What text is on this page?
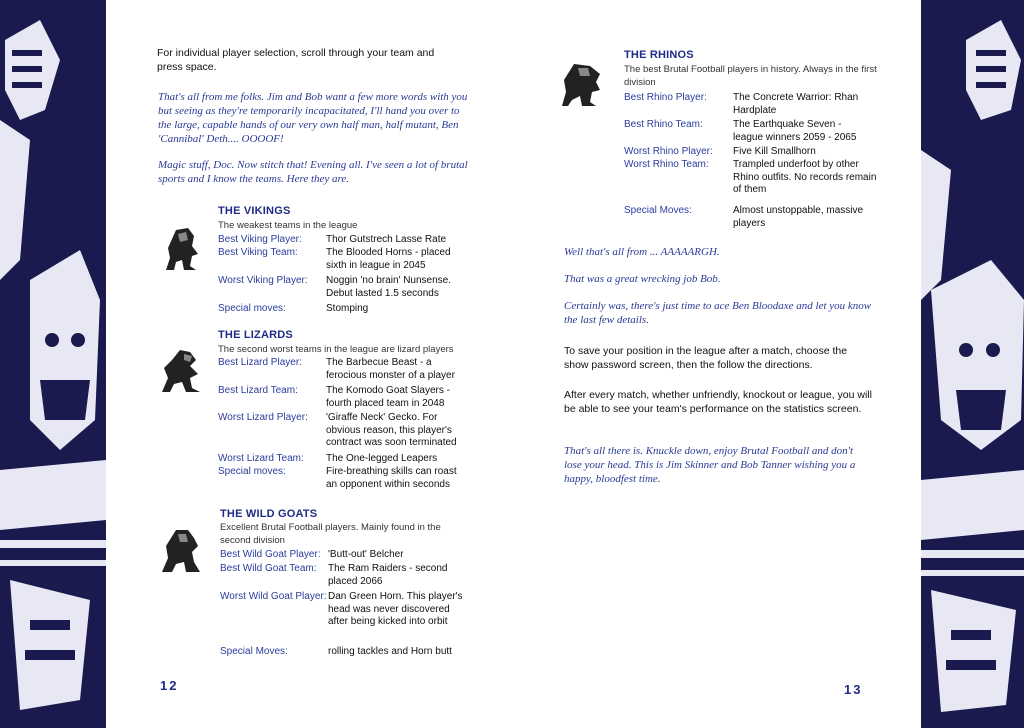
For individual player selection, scroll through your team and press space.
That's all from me folks. Jim and Bob want a few more words with you but seeing as they're temporarily incapacitated, I'll hand you over to the large, capable hands of our very own half man, half mutant, Ben 'Cannibal' Deth.... OOOOF!
Magic stuff, Doc. Now stitch that! Evening all. I've seen a lot of brutal sports and I know the teams. Here they are.
THE VIKINGS
The weakest teams in the league
Best Viking Player: Thor Gutstrech Lasse Rate
Best Viking Team:	The Blooded Horns - placed sixth in league in 2045
Worst Viking Player: Noggin 'no brain' Nunsense. Debut lasted 1.5 seconds
Special moves:	Stomping
THE LIZARDS
The second worst teams in the league are lizard players
Best Lizard Player: The Barbecue Beast - a ferocious monster of a player
Best Lizard Team:	The Komodo Goat Slayers - fourth placed team in 2048
Worst Lizard Player: 'Giraffe Neck' Gecko. For obvious reason, this player's contract was soon terminated
Worst Lizard Team: The One-legged Leapers
Special moves:	Fire-breathing skills can roast an opponent within seconds
THE WILD GOATS
Excellent Brutal Football players. Mainly found in the second division
Best Wild Goat Player: 'Butt-out' Belcher
Best Wild Goat Team: The Ram Raiders - second placed 2066
Worst Wild Goat Player: Dan Green Horn. This player's head was never discovered after being kicked into orbit
Special Moves:	rolling tackles and Horn butt
12
THE RHINOS
The best Brutal Football players in history. Always in the first division
Best Rhino Player:	The Concrete Warrior: Rhan Hardplate
Best Rhino Team:	The Earthquake Seven - league winners 2059 - 2065
Worst Rhino Player: Five Kill Smallhorn
Worst Rhino Team: Trampled underfoot by other Rhino outfits. No records remain of them
Special Moves:	Almost unstoppable, massive players
Well that's all from ... AAAAARGH.
That was a great wrecking job Bob.
Certainly was, there's just time to ace Ben Bloodaxe and let you know the last few details.
To save your position in the league after a match, choose the show password screen, then the follow the directions.
After every match, whether unfriendly, knockout or league, you will be able to see your team's performance on the statistics screen.
That's all there is. Knuckle down, enjoy Brutal Football and don't lose your head. This is Jim Skinner and Bob Tanner wishing you a happy, bloodfest time.
13
